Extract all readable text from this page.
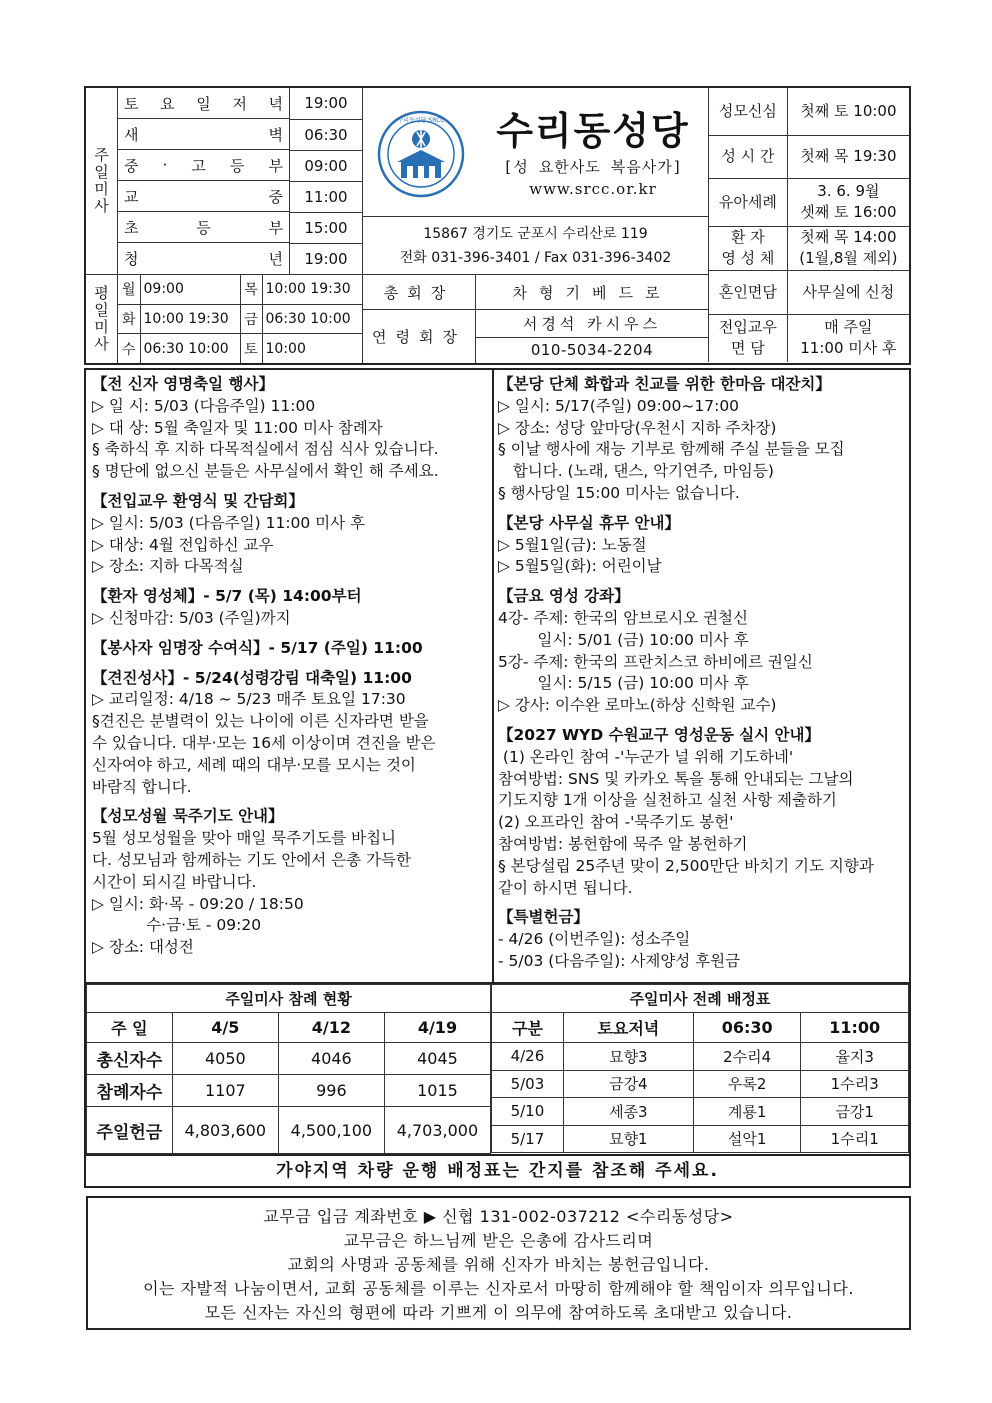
주일미사
토 요 일 저 녁 19:00

새	벽 06:30

중 · 고 등 부 09:00

교	중 11:00

초	등	부 15:00

청	년 19:00
평일미사 월	09:00	목	10:00 19:30
화	10:00 19:30	금	06:30 10:00
수	06:30 10:00	토	10:00
수리동성당 SRCC 수리동성당
[성 요한사도 복음사가]
www.srcc.or.kr
15867 경기도 군포시 수리산로 119
전화 031-396-3401 / Fax 031-396-3402
총회장	차형기베드로
연령회장
서경석 카시우스
010-5034-2204
성모신심	첫째 토 10:00
성 시 간	첫째 목 19:30
유아세례	3. 6. 9월
셋째 토 16:00
환 자
영 성 체	첫째 목 14:00
(1월,8월 제외)
혼인면담	사무실에 신청
전입교우
면 담	매 주일
11:00 미사 후
【전 신자 영명축일 행사】
▷ 일 시: 5/03 (다음주일) 11:00
▷ 대 상: 5월 축일자 및 11:00 미사 참례자
§ 축하식 후 지하 다목적실에서 점심 식사 있습니다.
§ 명단에 없으신 분들은 사무실에서 확인 해 주세요.
【전입교우 환영식 및 간담회】
▷ 일시: 5/03 (다음주일) 11:00 미사 후
▷ 대상: 4월 전입하신 교우
▷ 장소: 지하 다목적실
【환자 영성체】- 5/7 (목) 14:00부터
▷ 신청마감: 5/03 (주일)까지
【봉사자 임명장 수여식】- 5/17 (주일) 11:00
【견진성사】- 5/24(성령강림 대축일) 11:00
▷ 교리일정: 4/18 ~ 5/23 매주 토요일 17:30
§견진은 분별력이 있는 나이에 이른 신자라면 받을
수 있습니다. 대부·모는 16세 이상이며 견진을 받은
신자여야 하고, 세례 때의 대부·모를 모시는 것이
바람직 합니다.
【성모성월 묵주기도 안내】
5월 성모성월을 맞아 매일 묵주기도를 바칩니
다. 성모님과 함께하는 기도 안에서 은총 가득한
시간이 되시길 바랍니다.
▷ 일시: 화·목 - 09:20 / 18:50
수·금·토 - 09:20
▷ 장소: 대성전
【본당 단체 화합과 친교를 위한 한마음 대잔치】
▷ 일시: 5/17(주일) 09:00~17:00
▷ 장소: 성당 앞마당(우천시 지하 주차장)
§ 이날 행사에 재능 기부로 함께해 주실 분들을 모집
합니다. (노래, 댄스, 악기연주, 마임등)
§ 행사당일 15:00 미사는 없습니다.
【본당 사무실 휴무 안내】
▷ 5월1일(금): 노동절
▷ 5월5일(화): 어린이날
【금요 영성 강좌】
4강- 주제: 한국의 암브로시오 권철신
일시: 5/01 (금) 10:00 미사 후
5강- 주제: 한국의 프란치스코 하비에르 권일신
일시: 5/15 (금) 10:00 미사 후
▷ 강사: 이수완 로마노(하상 신학원 교수)
【2027 WYD 수원교구 영성운동 실시 안내】
(1) 온라인 참여 -'누군가 널 위해 기도하네'
참여방법: SNS 및 카카오 톡을 통해 안내되는 그날의
기도지향 1개 이상을 실천하고 실천 사항 제출하기
(2) 오프라인 참여 -'묵주기도 봉헌'
참여방법: 봉헌함에 묵주 알 봉헌하기
§ 본당설립 25주년 맞이 2,500만단 바치기 기도 지향과
같이 하시면 됩니다.
【특별헌금】
- 4/26 (이번주일): 성소주일
- 5/03 (다음주일): 사제양성 후원금
주일미사 참례 현황			
주 일	4/5	4/12	4/19
총신자수	4050	4046	4045
참례자수	1107	996	1015
주일헌금	4,803,600	4,500,100	4,703,000
주일미사 전례 배정표			
구분	토요저녁	06:30	11:00
4/26	묘향3	2수리4	율지3
5/03	금강4	우록2	1수리3
5/10	세종3	계룡1	금강1
5/17	묘향1	설악1	1수리1
가야지역 차량 운행 배정표는 간지를 참조해 주세요.
교무금 입금 계좌번호 ▶ 신협 131-002-037212 <수리동성당>
교무금은 하느님께 받은 은총에 감사드리며
교회의 사명과 공동체를 위해 신자가 바치는 봉헌금입니다.
이는 자발적 나눔이면서, 교회 공동체를 이루는 신자로서 마땅히 함께해야 할 책임이자 의무입니다.
모든 신자는 자신의 형편에 따라 기쁘게 이 의무에 참여하도록 초대받고 있습니다.
